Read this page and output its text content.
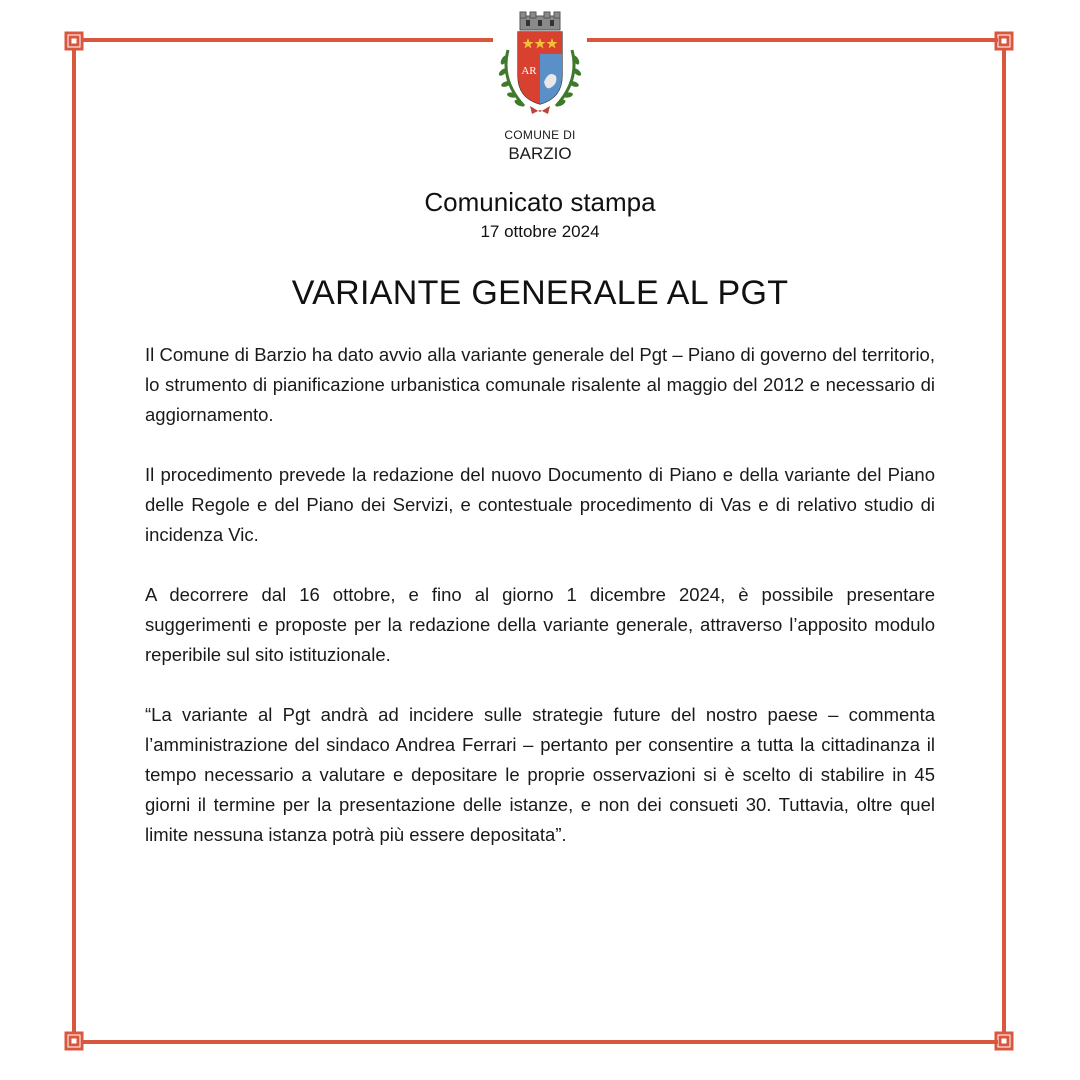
AR
COMUNE DI
BARZIO
Comunicato stampa
17 ottobre 2024
VARIANTE GENERALE AL PGT

Il Comune di Barzio ha dato avvio alla variante generale del Pgt – Piano di governo del territorio, lo strumento di pianificazione urbanistica comunale risalente al maggio del 2012 e necessario di aggiornamento.

Il procedimento prevede la redazione del nuovo Documento di Piano e della variante del Piano delle Regole e del Piano dei Servizi, e contestuale procedimento di Vas e di relativo studio di incidenza Vic.

A decorrere dal 16 ottobre, e fino al giorno 1 dicembre 2024, è possibile presentare suggerimenti e proposte per la redazione della variante generale, attraverso l’apposito modulo reperibile sul sito istituzionale.

“La variante al Pgt andrà ad incidere sulle strategie future del nostro paese – commenta l’amministrazione del sindaco Andrea Ferrari – pertanto per consentire a tutta la cittadinanza il tempo necessario a valutare e depositare le proprie osservazioni si è scelto di stabilire in 45 giorni il termine per la presentazione delle istanze, e non dei consueti 30. Tuttavia, oltre quel limite nessuna istanza potrà più essere depositata”.
